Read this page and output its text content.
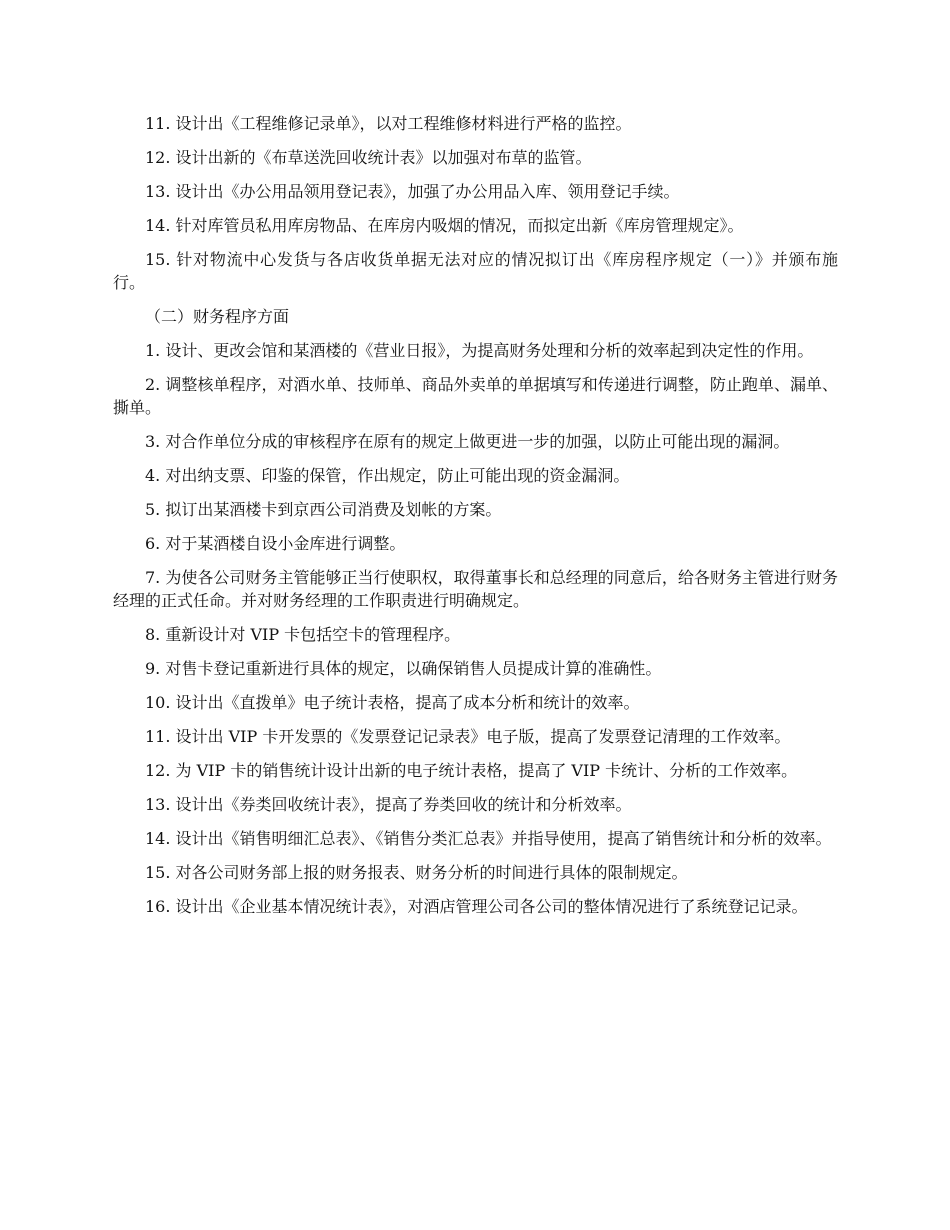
11. 设计出《工程维修记录单》，以对工程维修材料进行严格的监控。

12. 设计出新的《布草送洗回收统计表》以加强对布草的监管。

13. 设计出《办公用品领用登记表》，加强了办公用品入库、领用登记手续。

14. 针对库管员私用库房物品、在库房内吸烟的情况，而拟定出新《库房管理规定》。

15. 针对物流中心发货与各店收货单据无法对应的情况拟订出《库房程序规定（一）》并颁布施行。

（二）财务程序方面

1. 设计、更改会馆和某酒楼的《营业日报》，为提高财务处理和分析的效率起到决定性的作用。

2. 调整核单程序，对酒水单、技师单、商品外卖单的单据填写和传递进行调整，防止跑单、漏单、撕单。

3. 对合作单位分成的审核程序在原有的规定上做更进一步的加强，以防止可能出现的漏洞。

4. 对出纳支票、印鉴的保管，作出规定，防止可能出现的资金漏洞。

5. 拟订出某酒楼卡到京西公司消费及划帐的方案。

6. 对于某酒楼自设小金库进行调整。

7. 为使各公司财务主管能够正当行使职权，取得董事长和总经理的同意后，给各财务主管进行财务经理的正式任命。并对财务经理的工作职责进行明确规定。

8. 重新设计对 VIP 卡包括空卡的管理程序。

9. 对售卡登记重新进行具体的规定，以确保销售人员提成计算的准确性。

10. 设计出《直拨单》电子统计表格，提高了成本分析和统计的效率。

11. 设计出 VIP 卡开发票的《发票登记记录表》电子版，提高了发票登记清理的工作效率。

12. 为 VIP 卡的销售统计设计出新的电子统计表格，提高了 VIP 卡统计、分析的工作效率。

13. 设计出《券类回收统计表》，提高了券类回收的统计和分析效率。

14. 设计出《销售明细汇总表》、《销售分类汇总表》并指导使用，提高了销售统计和分析的效率。

15. 对各公司财务部上报的财务报表、财务分析的时间进行具体的限制规定。

16. 设计出《企业基本情况统计表》，对酒店管理公司各公司的整体情况进行了系统登记记录。
